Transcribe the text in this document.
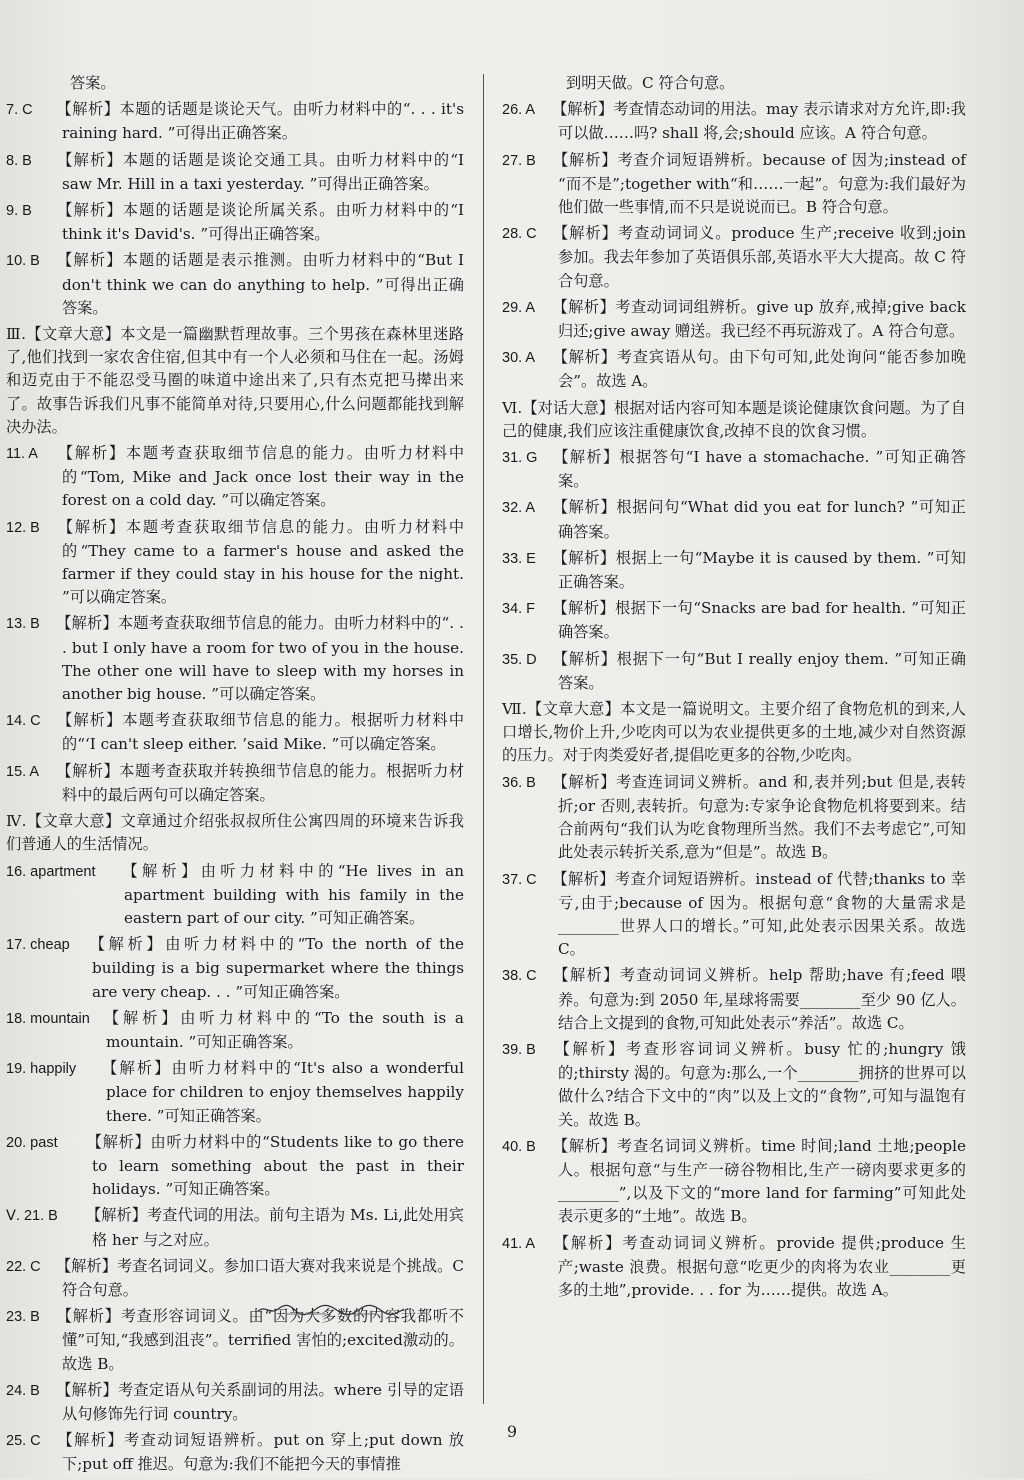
答案。
7. C 【解析】本题的话题是谈论天气。由听力材料中的“. . . it's raining hard. ”可得出正确答案。
8. B 【解析】本题的话题是谈论交通工具。由听力材料中的“I saw Mr. Hill in a taxi yesterday. ”可得出正确答案。
9. B 【解析】本题的话题是谈论所属关系。由听力材料中的“I think it's David's. ”可得出正确答案。
10. B 【解析】本题的话题是表示推测。由听力材料中的“But I don't think we can do anything to help. ”可得出正确答案。
Ⅲ.【文章大意】本文是一篇幽默哲理故事。三个男孩在森林里迷路了,他们找到一家农舍住宿,但其中有一个人必须和马住在一起。汤姆和迈克由于不能忍受马圈的味道中途出来了,只有杰克把马撵出来了。故事告诉我们凡事不能简单对待,只要用心,什么问题都能找到解决办法。
11. A 【解析】本题考查获取细节信息的能力。由听力材料中的“Tom, Mike and Jack once lost their way in the forest on a cold day. ”可以确定答案。
12. B 【解析】本题考查获取细节信息的能力。由听力材料中的“They came to a farmer's house and asked the farmer if they could stay in his house for the night. ”可以确定答案。
13. B 【解析】本题考查获取细节信息的能力。由听力材料中的“. . . but I only have a room for two of you in the house. The other one will have to sleep with my horses in another big house. ”可以确定答案。
14. C 【解析】本题考查获取细节信息的能力。根据听力材料中的“‘I can't sleep either. ’said Mike. ”可以确定答案。
15. A 【解析】本题考查获取并转换细节信息的能力。根据听力材料中的最后两句可以确定答案。
Ⅳ.【文章大意】文章通过介绍张叔叔所住公寓四周的环境来告诉我们普通人的生活情况。
16. apartment 【解析】由听力材料中的“He lives in an apartment building with his family in the eastern part of our city. ”可知正确答案。
17. cheap 【解析】由听力材料中的“To the north of the building is a big supermarket where the things are very cheap. . . ”可知正确答案。
18. mountain 【解析】由听力材料中的“To the south is a mountain. ”可知正确答案。
19. happily 【解析】由听力材料中的“It's also a wonderful place for children to enjoy themselves happily there. ”可知正确答案。
20. past 【解析】由听力材料中的“Students like to go there to learn something about the past in their holidays. ”可知正确答案。
Ⅴ. 21. B 【解析】考查代词的用法。前句主语为 Ms. Li,此处用宾格 her 与之对应。
22. C 【解析】考查名词词义。参加口语大赛对我来说是个挑战。C 符合句意。
23. B 【解析】考查形容词词义。由“因为大多数的内容我都听不懂”可知,“我感到沮丧”。terrified 害怕的;excited激动的。故选 B。
24. B 【解析】考查定语从句关系副词的用法。where 引导的定语从句修饰先行词 country。
25. C 【解析】考查动词短语辨析。put on 穿上;put down 放下;put off 推迟。句意为:我们不能把今天的事情推
到明天做。C 符合句意。
26. A 【解析】考查情态动词的用法。may 表示请求对方允许,即:我可以做……吗? shall 将,会;should 应该。A 符合句意。
27. B 【解析】考查介词短语辨析。because of 因为;instead of “而不是”;together with“和……一起”。句意为:我们最好为他们做一些事情,而不只是说说而已。B 符合句意。
28. C 【解析】考查动词词义。produce 生产;receive 收到;join 参加。我去年参加了英语俱乐部,英语水平大大提高。故 C 符合句意。
29. A 【解析】考查动词词组辨析。give up 放弃,戒掉;give back 归还;give away 赠送。我已经不再玩游戏了。A 符合句意。
30. A 【解析】考查宾语从句。由下句可知,此处询问“能否参加晚会”。故选 A。
Ⅵ.【对话大意】根据对话内容可知本题是谈论健康饮食问题。为了自己的健康,我们应该注重健康饮食,改掉不良的饮食习惯。
31. G 【解析】根据答句“I have a stomachache. ”可知正确答案。
32. A 【解析】根据问句“What did you eat for lunch? ”可知正确答案。
33. E 【解析】根据上一句“Maybe it is caused by them. ”可知正确答案。
34. F 【解析】根据下一句“Snacks are bad for health. ”可知正确答案。
35. D 【解析】根据下一句“But I really enjoy them. ”可知正确答案。
Ⅶ.【文章大意】本文是一篇说明文。主要介绍了食物危机的到来,人口增长,物价上升,少吃肉可以为农业提供更多的土地,减少对自然资源的压力。对于肉类爱好者,提倡吃更多的谷物,少吃肉。
36. B 【解析】考查连词词义辨析。and 和,表并列;but 但是,表转折;or 否则,表转折。句意为:专家争论食物危机将要到来。结合前两句“我们认为吃食物理所当然。我们不去考虑它”,可知此处表示转折关系,意为“但是”。故选 B。
37. C 【解析】考查介词短语辨析。instead of 代替;thanks to 幸亏,由于;because of 因为。根据句意“食物的大量需求是________世界人口的增长。”可知,此处表示因果关系。故选 C。
38. C 【解析】考查动词词义辨析。help 帮助;have 有;feed 喂养。句意为:到 2050 年,星球将需要________至少 90 亿人。结合上文提到的食物,可知此处表示“养活”。故选 C。
39. B 【解析】考查形容词词义辨析。busy 忙的;hungry 饿的;thirsty 渴的。句意为:那么,一个________拥挤的世界可以做什么?结合下文中的“肉”以及上文的“食物”,可知与温饱有关。故选 B。
40. B 【解析】考查名词词义辨析。time 时间;land 土地;people 人。根据句意“与生产一磅谷物相比,生产一磅肉要求更多的________”,以及下文的“more land for farming”可知此处表示更多的“土地”。故选 B。
41. A 【解析】考查动词词义辨析。provide 提供;produce 生产;waste 浪费。根据句意“吃更少的肉将为农业________更多的土地”,provide. . . for 为……提供。故选 A。
9
